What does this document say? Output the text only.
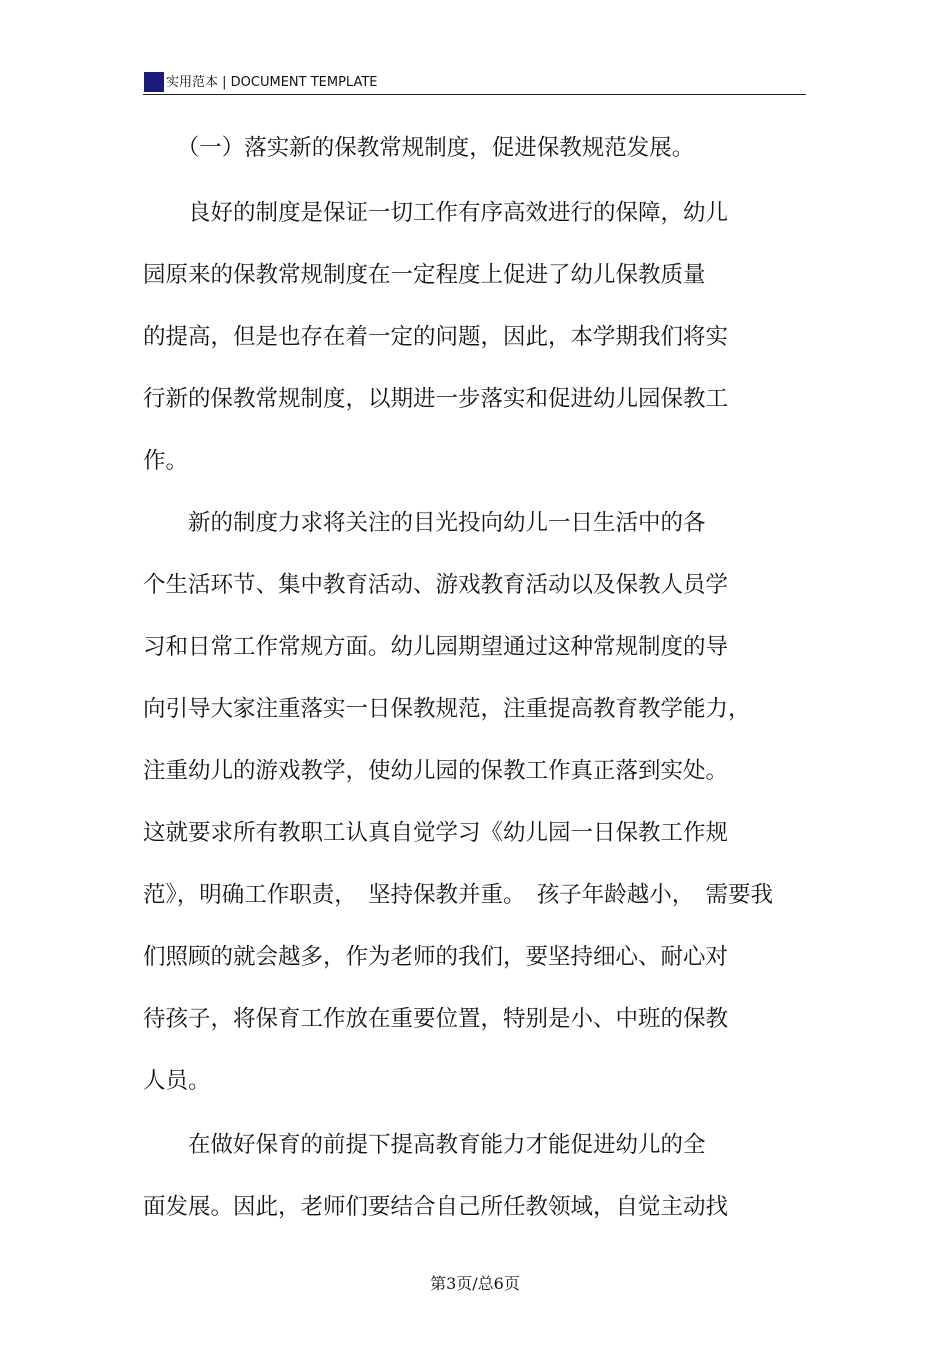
实用范本 | DOCUMENT TEMPLATE
　　（一）落实新的保教常规制度，促进保教规范发展。
　　良好的制度是保证一切工作有序高效进行的保障，幼儿
园原来的保教常规制度在一定程度上促进了幼儿保教质量
的提高，但是也存在着一定的问题，因此，本学期我们将实
行新的保教常规制度，以期进一步落实和促进幼儿园保教工
作。
　　新的制度力求将关注的目光投向幼儿一日生活中的各
个生活环节、集中教育活动、游戏教育活动以及保教人员学
习和日常工作常规方面。幼儿园期望通过这种常规制度的导
向引导大家注重落实一日保教规范，注重提高教育教学能力，
注重幼儿的游戏教学，使幼儿园的保教工作真正落到实处。
这就要求所有教职工认真自觉学习《幼儿园一日保教工作规
范》，明确工作职责，　坚持保教并重。　孩子年龄越小，　需要我
们照顾的就会越多，作为老师的我们，要坚持细心、耐心对
待孩子，将保育工作放在重要位置，特别是小、中班的保教
人员。
　　在做好保育的前提下提高教育能力才能促进幼儿的全
面发展。因此，老师们要结合自己所任教领域，自觉主动找
第3页/总6页
